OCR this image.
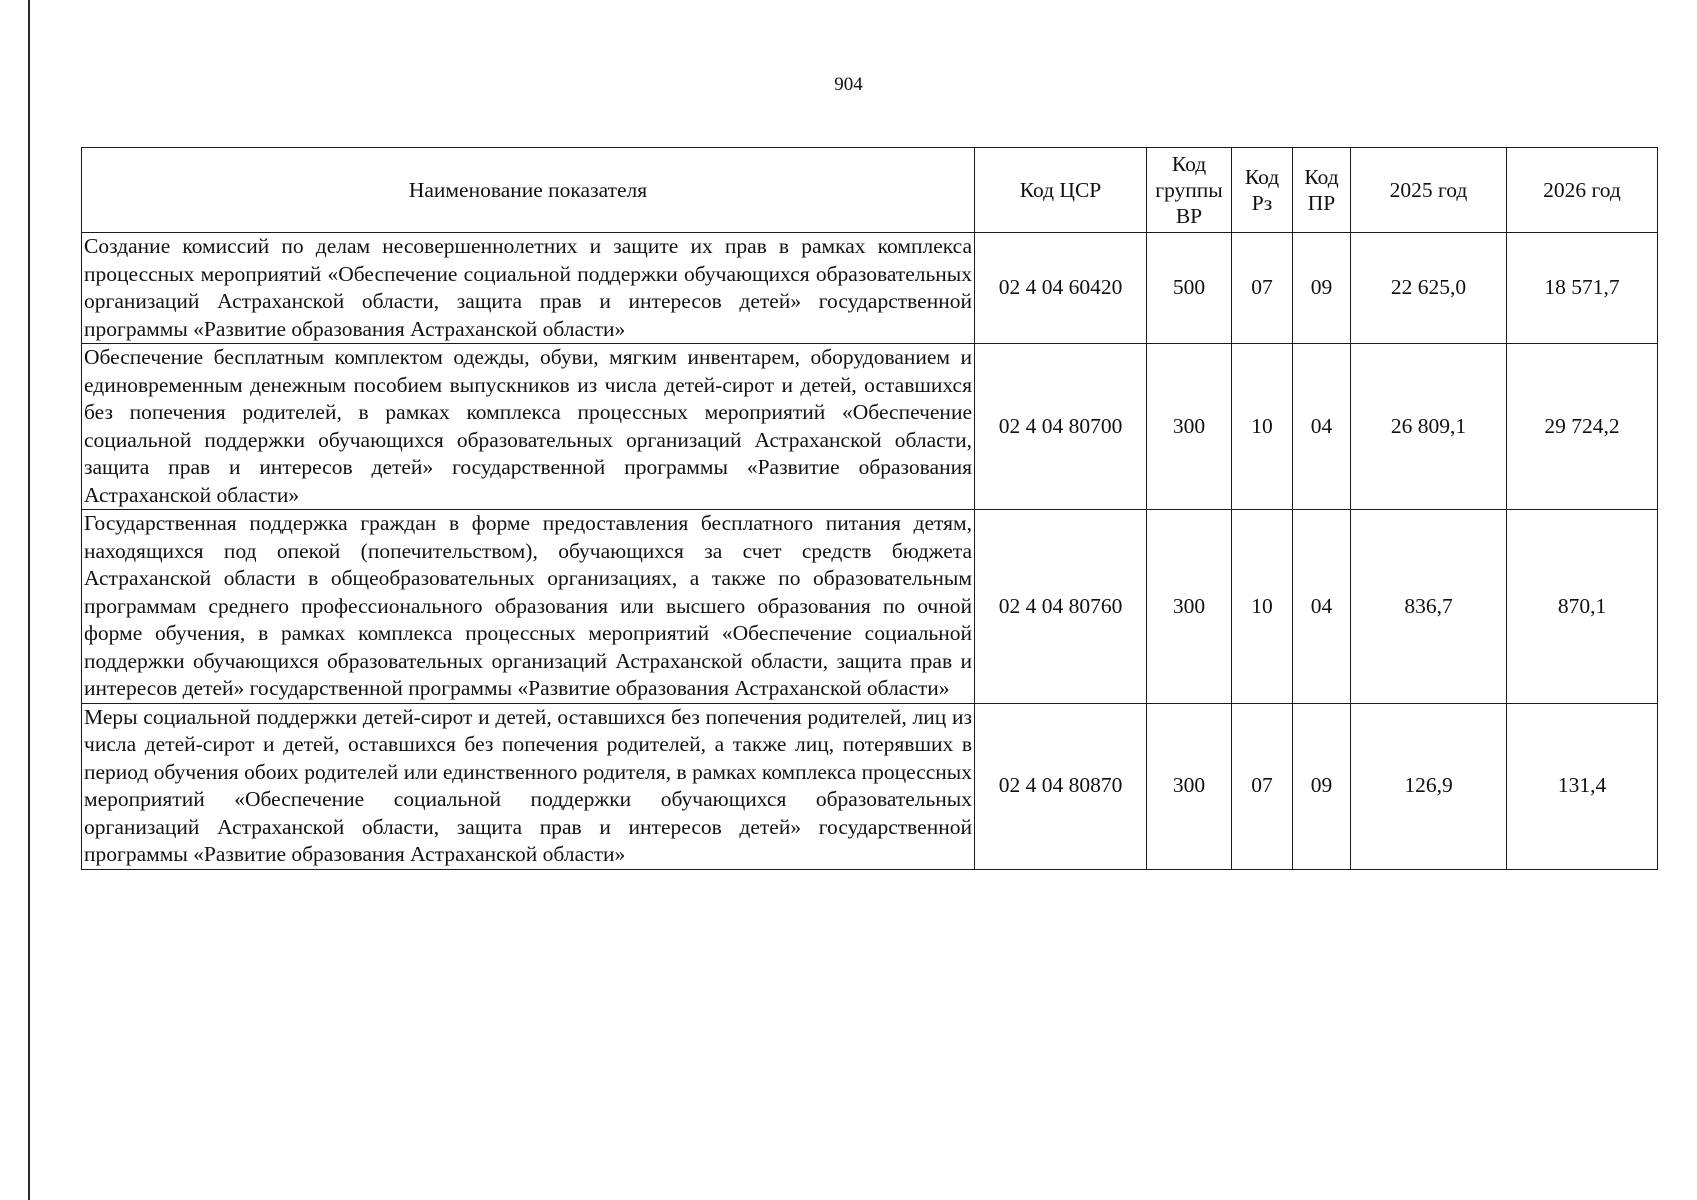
904
Наименование показателя	Код ЦСР	Код группы ВР	Код Рз	Код ПР	2025 год	2026 год
Создание комиссий по делам несовершеннолетних и защите их прав в рамках комплекса процессных мероприятий «Обеспечение социальной поддержки обучающихся образовательных организаций Астраханской области, защита прав и интересов детей» государственной программы «Развитие образования Астраханской области»	02 4 04 60420	500	07	09	22 625,0	18 571,7
Обеспечение бесплатным комплектом одежды, обуви, мягким инвентарем, оборудованием и единовременным денежным пособием выпускников из числа детей-сирот и детей, оставшихся без попечения родителей, в рамках комплекса процессных мероприятий «Обеспечение социальной поддержки обучающихся образовательных организаций Астраханской области, защита прав и интересов детей» государственной программы «Развитие образования Астраханской области»	02 4 04 80700	300	10	04	26 809,1	29 724,2
Государственная поддержка граждан в форме предоставления бесплатного питания детям, находящихся под опекой (попечительством), обучающихся за счет средств бюджета Астраханской области в общеобразовательных организациях, а также по образовательным программам среднего профессионального образования или высшего образования по очной форме обучения, в рамках комплекса процессных мероприятий «Обеспечение социальной поддержки обучающихся образовательных организаций Астраханской области, защита прав и интересов детей» государственной программы «Развитие образования Астраханской области»	02 4 04 80760	300	10	04	836,7	870,1
Меры социальной поддержки детей-сирот и детей, оставшихся без попечения родителей, лиц из числа детей-сирот и детей, оставшихся без попечения родителей, а также лиц, потерявших в период обучения обоих родителей или единственного родителя, в рамках комплекса процессных мероприятий «Обеспечение социальной поддержки обучающихся образовательных организаций Астраханской области, защита прав и интересов детей» государственной программы «Развитие образования Астраханской области»	02 4 04 80870	300	07	09	126,9	131,4
